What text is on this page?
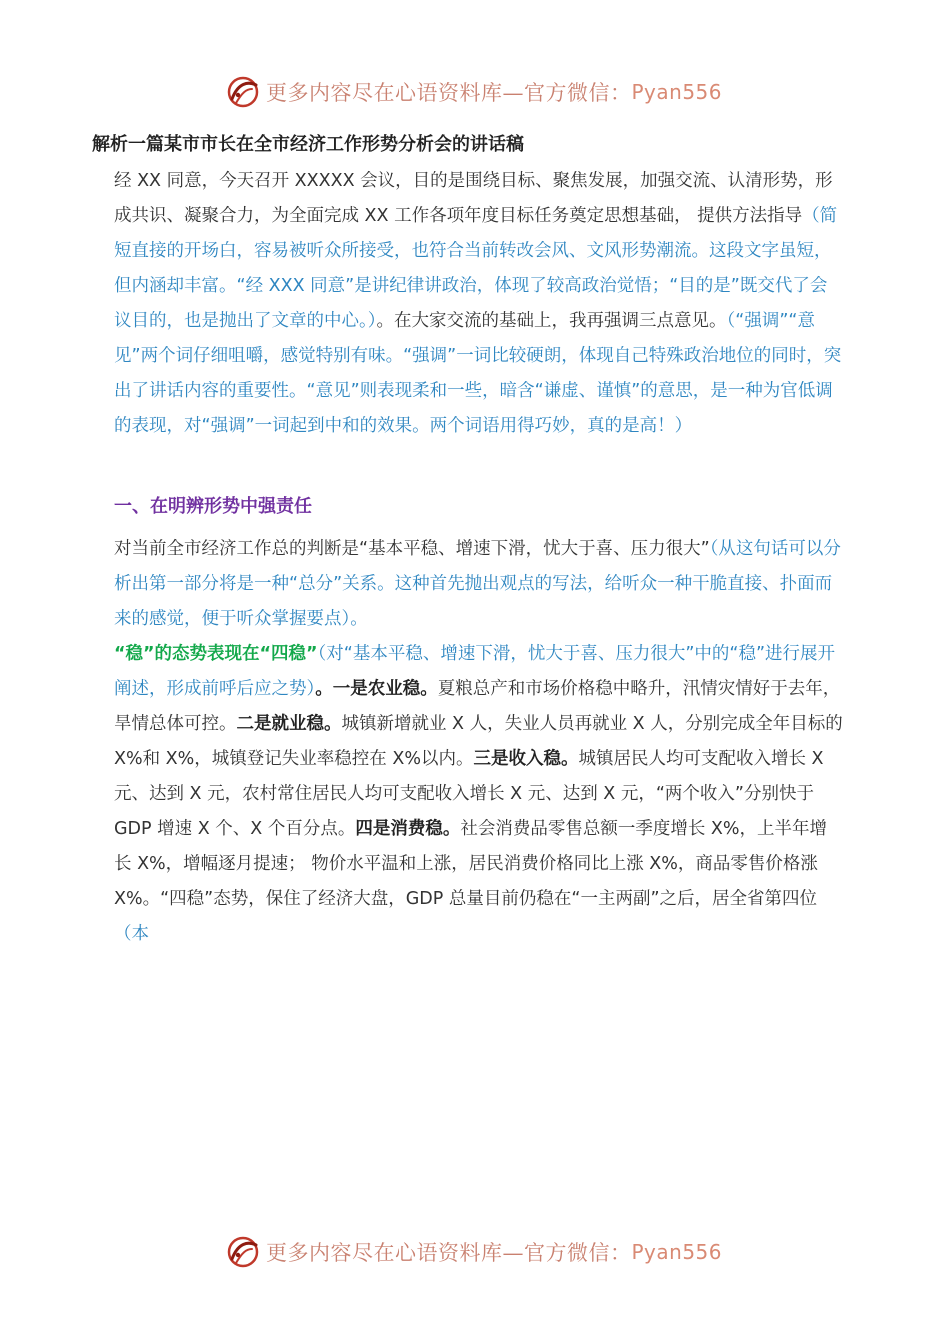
更多内容尽在心语资料库—官方微信： Pyan556
解析一篇某市市长在全市经济工作形势分析会的讲话稿

经 XX 同意，今天召开 XXXXX 会议，目的是围绕目标、聚焦发展，加强交流、认清形势，形成共识、凝聚合力，为全面完成 XX 工作各项年度目标任务奠定思想基础， 提供方法指导（简短直接的开场白，容易被听众所接受，也符合当前转改会风、文风形势潮流。这段文字虽短，但内涵却丰富。“经 XXX 同意”是讲纪律讲政治，体现了较高政治觉悟；“目的是”既交代了会议目的，也是抛出了文章的中心。）。在大家交流的基础上，我再强调三点意见。（“强调”“意见”两个词仔细咀嚼，感觉特别有味。“强调”一词比较硬朗，体现自己特殊政治地位的同时，突出了讲话内容的重要性。“意见”则表现柔和一些，暗含“谦虚、谨慎”的意思，是一种为官低调的表现，对“强调”一词起到中和的效果。两个词语用得巧妙，真的是高！）

一、在明辨形势中强责任

对当前全市经济工作总的判断是“基本平稳、增速下滑，忧大于喜、压力很大”（从这句话可以分析出第一部分将是一种“总分”关系。这种首先抛出观点的写法，给听众一种干脆直接、扑面而来的感觉，便于听众掌握要点）。

“稳”的态势表现在“四稳”（对“基本平稳、增速下滑，忧大于喜、压力很大”中的“稳”进行展开阐述，形成前呼后应之势）。一是农业稳。夏粮总产和市场价格稳中略升，汛情灾情好于去年，旱情总体可控。二是就业稳。城镇新增就业 X 人，失业人员再就业 X 人，分别完成全年目标的 X%和 X%，城镇登记失业率稳控在 X%以内。三是收入稳。城镇居民人均可支配收入增长 X 元、达到 X 元，农村常住居民人均可支配收入增长 X 元、达到 X 元，“两个收入”分别快于 GDP 增速 X 个、X 个百分点。四是消费稳。社会消费品零售总额一季度增长 X%，上半年增长 X%，增幅逐月提速； 物价水平温和上涨，居民消费价格同比上涨 X%，商品零售价格涨 X%。“四稳”态势，保住了经济大盘，GDP 总量目前仍稳在“一主两副”之后，居全省第四位（本

更多内容尽在心语资料库—官方微信： Pyan556
